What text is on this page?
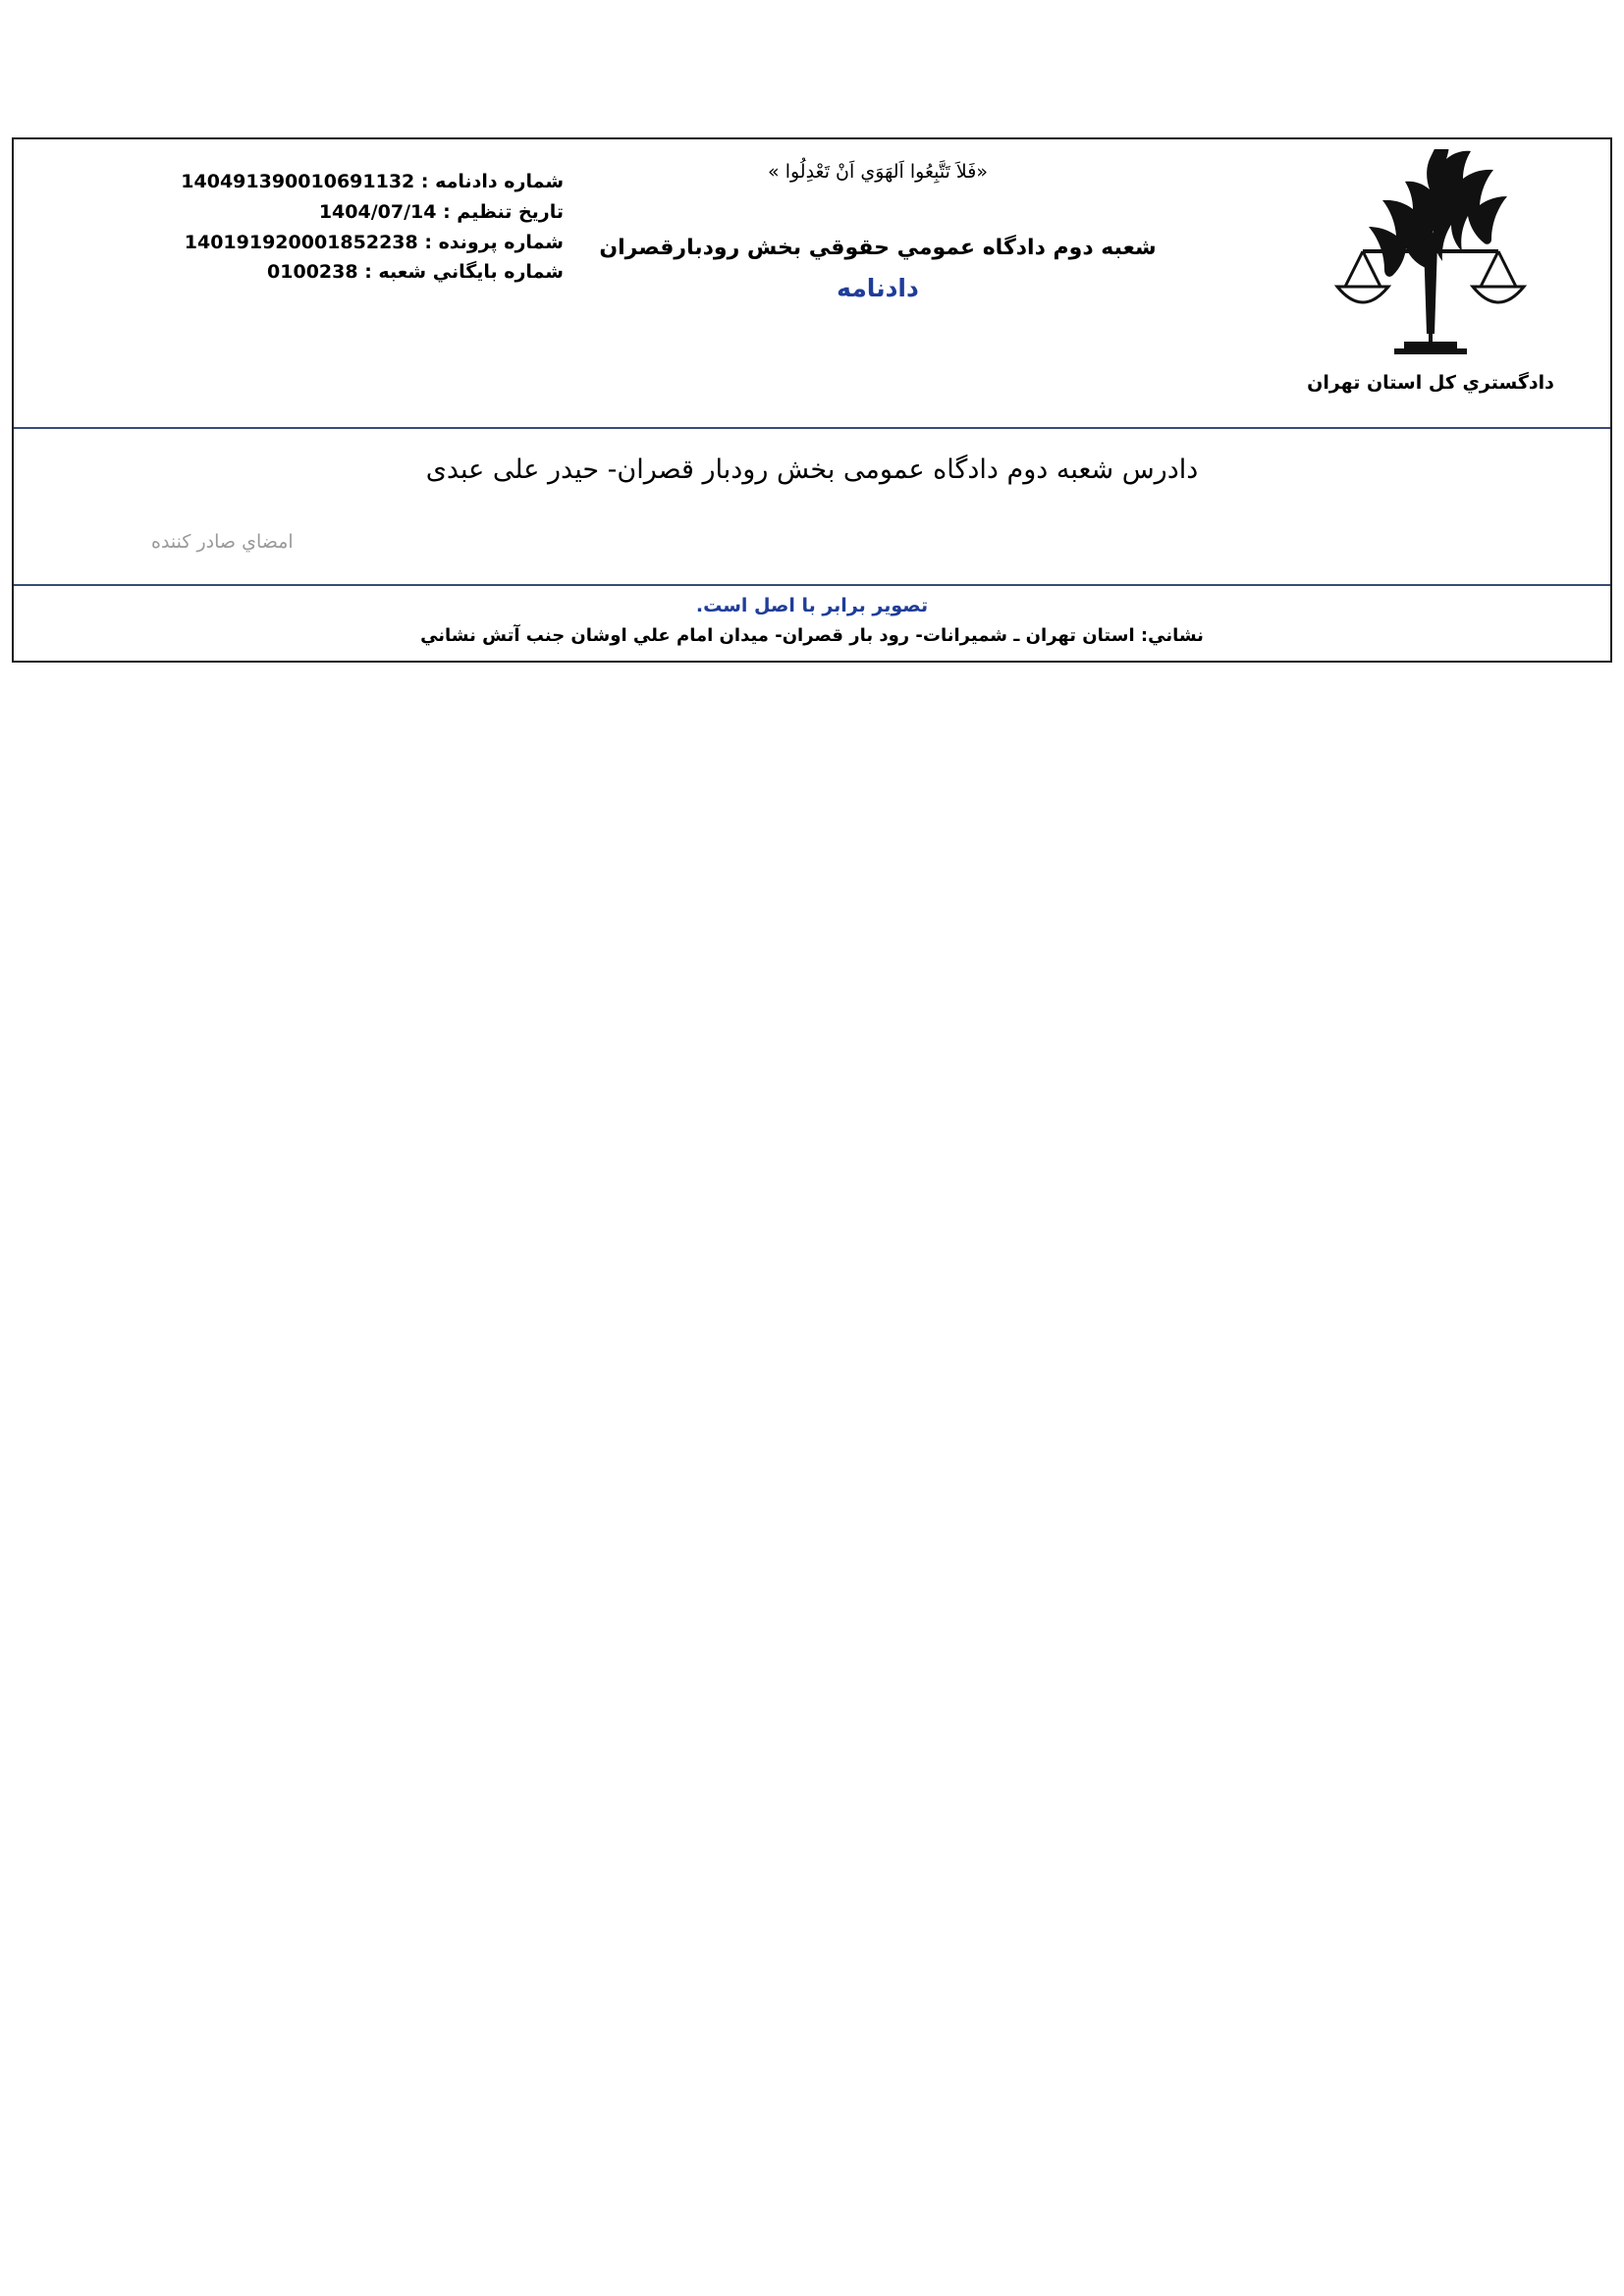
دادگستري كل استان تهران
«فَلاَ تَتَّبِعُوا اَلهَوَي اَنْ تَعْدِلُوا »
شعبه دوم دادگاه عمومي حقوقي بخش رودبارقصران
دادنامه
شماره دادنامه : 140491390010691132
تاريخ تنظيم : 1404/07/14
شماره پرونده : 140191920001852238
شماره بايگاني شعبه : 0100238
دادرس شعبه دوم دادگاه عمومی بخش رودبار قصران- حیدر علی عبدی
امضاي صادر كننده
تصویر برابر با اصل است.
نشاني: استان تهران ـ شميرانات- رود بار قصران- ميدان امام علي اوشان جنب آتش نشاني
